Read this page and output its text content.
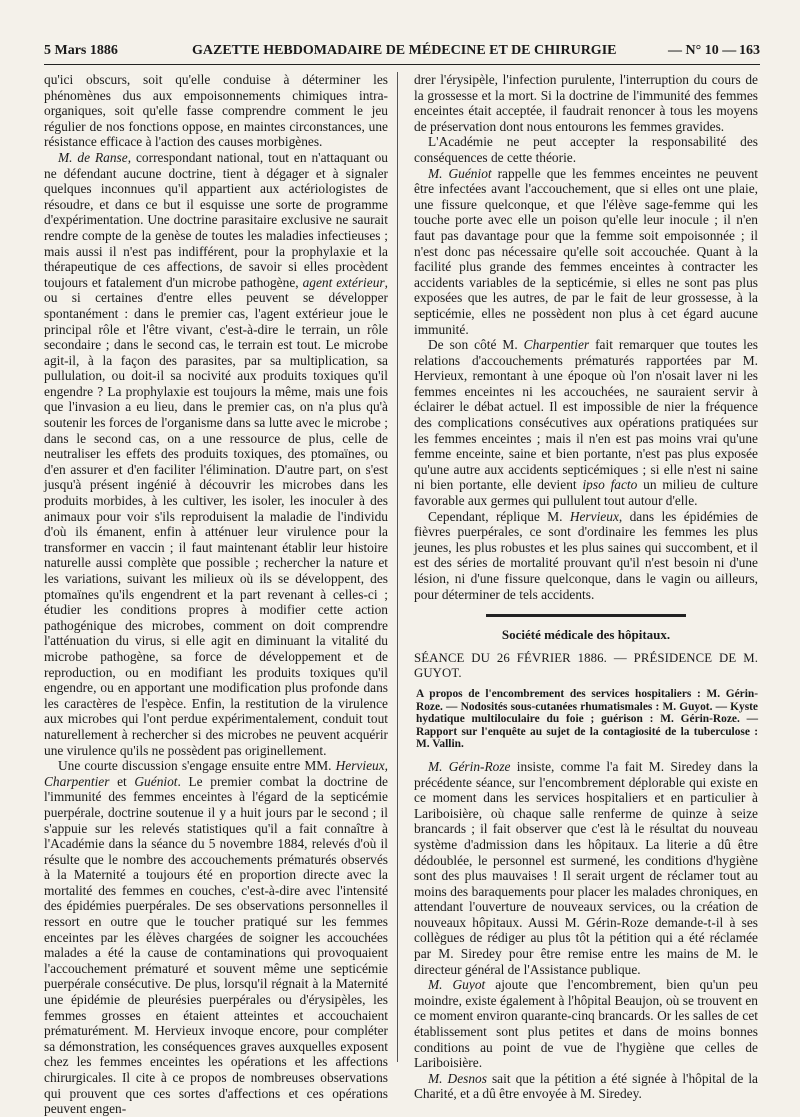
5 Mars 1886	GAZETTE HEBDOMADAIRE DE MÉDECINE ET DE CHIRURGIE	— N° 10 — 163

qu'ici obscurs, soit qu'elle conduise à déterminer les phénomènes dus aux empoisonnements chimiques intra-organiques, soit qu'elle fasse comprendre comment le jeu régulier de nos fonctions oppose, en maintes circonstances, une résistance efficace à l'action des causes morbigènes.

M. de Ranse, correspondant national, tout en n'attaquant ou ne défendant aucune doctrine, tient à dégager et à signaler quelques inconnues qu'il appartient aux actériologistes de résoudre, et dans ce but il esquisse une sorte de programme d'expérimentation. Une doctrine parasitaire exclusive ne saurait rendre compte de la genèse de toutes les maladies infectieuses ; mais aussi il n'est pas indifférent, pour la prophylaxie et la thérapeutique de ces affections, de savoir si elles procèdent toujours et fatalement d'un microbe pathogène, agent extérieur, ou si certaines d'entre elles peuvent se développer spontanément : dans le premier cas, l'agent extérieur joue le principal rôle et l'être vivant, c'est-à-dire le terrain, un rôle secondaire ; dans le second cas, le terrain est tout. Le microbe agit-il, à la façon des parasites, par sa multiplication, sa pullulation, ou doit-il sa nocivité aux produits toxiques qu'il engendre ? La prophylaxie est toujours la même, mais une fois que l'invasion a eu lieu, dans le premier cas, on n'a plus qu'à soutenir les forces de l'organisme dans sa lutte avec le microbe ; dans le second cas, on a une ressource de plus, celle de neutraliser les effets des produits toxiques, des ptomaïnes, ou d'en assurer et d'en faciliter l'élimination. D'autre part, on s'est jusqu'à présent ingénié à découvrir les microbes dans les produits morbides, à les cultiver, les isoler, les inoculer à des animaux pour voir s'ils reproduisent la maladie de l'individu d'où ils émanent, enfin à atténuer leur virulence pour la transformer en vaccin ; il faut maintenant établir leur histoire naturelle aussi complète que possible ; rechercher la nature et les variations, suivant les milieux où ils se développent, des ptomaïnes qu'ils engendrent et la part revenant à celles-ci ; étudier les conditions propres à modifier cette action pathogénique des microbes, comment on doit comprendre l'atténuation du virus, si elle agit en diminuant la vitalité du microbe pathogène, sa force de développement et de reproduction, ou en modifiant les produits toxiques qu'il engendre, ou en apportant une modification plus profonde dans les caractères de l'espèce. Enfin, la restitution de la virulence aux microbes qui l'ont perdue expérimentalement, conduit tout naturellement à rechercher si des microbes ne peuvent acquérir une virulence qu'ils ne possèdent pas originellement.

Une courte discussion s'engage ensuite entre MM. Hervieux, Charpentier et Guéniot. Le premier combat la doctrine de l'immunité des femmes enceintes à l'égard de la septicémie puerpérale, doctrine soutenue il y a huit jours par le second ; il s'appuie sur les relevés statistiques qu'il a fait connaître à l'Académie dans la séance du 5 novembre 1884, relevés d'où il résulte que le nombre des accouchements prématurés observés à la Maternité a toujours été en proportion directe avec la mortalité des femmes en couches, c'est-à-dire avec l'intensité des épidémies puerpérales. De ses observations personnelles il ressort en outre que le toucher pratiqué sur les femmes enceintes par les élèves chargées de soigner les accouchées malades a été la cause de contaminations qui provoquaient l'accouchement prématuré et souvent même une septicémie puerpérale consécutive. De plus, lorsqu'il régnait à la Maternité une épidémie de pleurésies puerpérales ou d'érysipèles, les femmes grosses en étaient atteintes et accouchaient prématurément. M. Hervieux invoque encore, pour compléter sa démonstration, les conséquences graves auxquelles exposent chez les femmes enceintes les opérations et les affections chirurgicales. Il cite à ce propos de nombreuses observations qui prouvent que ces sortes d'affections et ces opérations peuvent engen-

drer l'érysipèle, l'infection purulente, l'interruption du cours de la grossesse et la mort. Si la doctrine de l'immunité des femmes enceintes était acceptée, il faudrait renoncer à tous les moyens de préservation dont nous entourons les femmes gravides.

L'Académie ne peut accepter la responsabilité des conséquences de cette théorie.

M. Guéniot rappelle que les femmes enceintes ne peuvent être infectées avant l'accouchement, que si elles ont une plaie, une fissure quelconque, et que l'élève sage-femme qui les touche porte avec elle un poison qu'elle leur inocule ; il n'en faut pas davantage pour que la femme soit empoisonnée ; il n'est donc pas nécessaire qu'elle soit accouchée. Quant à la facilité plus grande des femmes enceintes à contracter les accidents variables de la septicémie, si elles ne sont pas plus exposées que les autres, de par le fait de leur grossesse, à la septicémie, elles ne possèdent non plus à cet égard aucune immunité.

De son côté M. Charpentier fait remarquer que toutes les relations d'accouchements prématurés rapportées par M. Hervieux, remontant à une époque où l'on n'osait laver ni les femmes enceintes ni les accouchées, ne sauraient servir à éclairer le débat actuel. Il est impossible de nier la fréquence des complications consécutives aux opérations pratiquées sur les femmes enceintes ; mais il n'en est pas moins vrai qu'une femme enceinte, saine et bien portante, n'est pas plus exposée qu'une autre aux accidents septicémiques ; si elle n'est ni saine ni bien portante, elle devient ipso facto un milieu de culture favorable aux germes qui pullulent tout autour d'elle.

Cependant, réplique M. Hervieux, dans les épidémies de fièvres puerpérales, ce sont d'ordinaire les femmes les plus jeunes, les plus robustes et les plus saines qui succombent, et il est des séries de mortalité prouvant qu'il n'est besoin ni d'une lésion, ni d'une fissure quelconque, dans le vagin ou ailleurs, pour déterminer de tels accidents.

Société médicale des hôpitaux.
SÉANCE DU 26 FÉVRIER 1886. — PRÉSIDENCE DE M. GUYOT.
A propos de l'encombrement des services hospitaliers : M. Gérin-Roze. — Nodosités sous-cutanées rhumatismales : M. Guyot. — Kyste hydatique multiloculaire du foie ; guérison : M. Gérin-Roze. — Rapport sur l'enquête au sujet de la contagiosité de la tuberculose : M. Vallin.

M. Gérin-Roze insiste, comme l'a fait M. Siredey dans la précédente séance, sur l'encombrement déplorable qui existe en ce moment dans les services hospitaliers et en particulier à Lariboisière, où chaque salle renferme de quinze à seize brancards ; il fait observer que c'est là le résultat du nouveau système d'admission dans les hôpitaux. La literie a dû être dédoublée, le personnel est surmené, les conditions d'hygiène sont des plus mauvaises ! Il serait urgent de réclamer tout au moins des baraquements pour placer les malades chroniques, en attendant l'ouverture de nouveaux services, ou la création de nouveaux hôpitaux. Aussi M. Gérin-Roze demande-t-il à ses collègues de rédiger au plus tôt la pétition qui a été réclamée par M. Siredey pour être remise entre les mains de M. le directeur général de l'Assistance publique.

M. Guyot ajoute que l'encombrement, bien qu'un peu moindre, existe également à l'hôpital Beaujon, où se trouvent en ce moment environ quarante-cinq brancards. Or les salles de cet établissement sont plus petites et dans de moins bonnes conditions au point de vue de l'hygiène que celles de Lariboisière.

M. Desnos sait que la pétition a été signée à l'hôpital de la Charité, et a dû être envoyée à M. Siredey.
